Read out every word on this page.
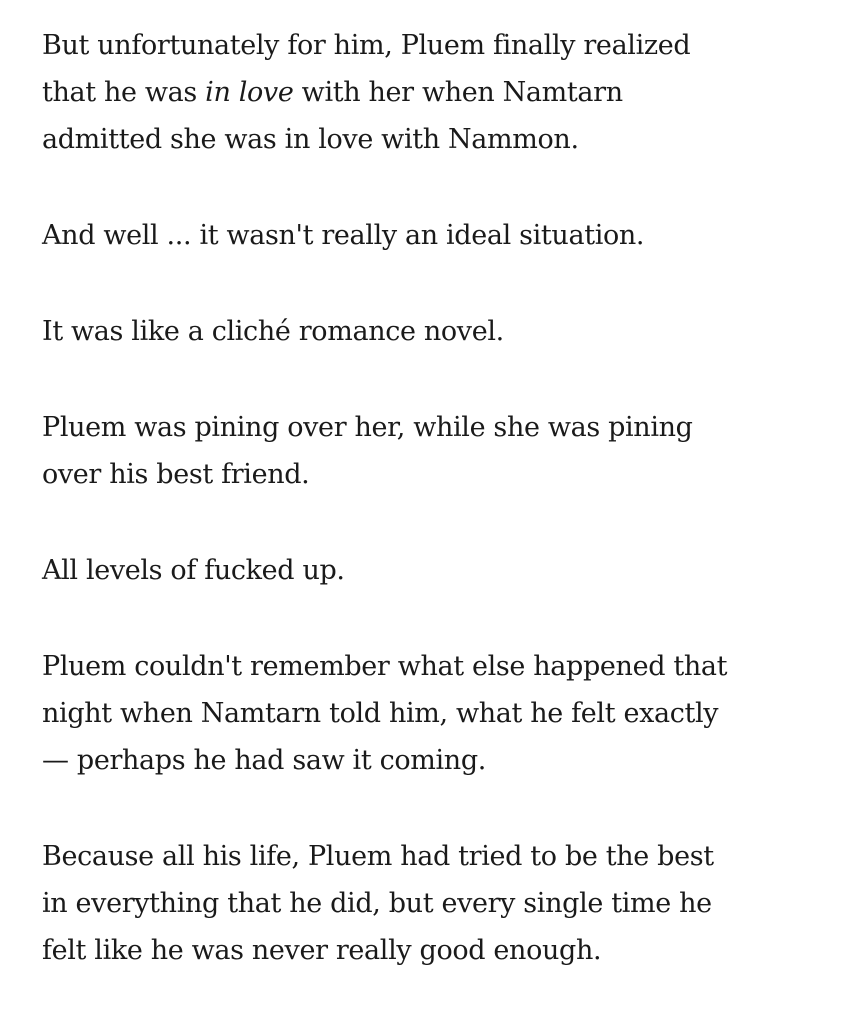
But unfortunately for him, Pluem finally realized
that he was in love with her when Namtarn
admitted she was in love with Nammon.

And well ... it wasn't really an ideal situation.

It was like a cliché romance novel.

Pluem was pining over her, while she was pining
over his best friend.

All levels of fucked up.

Pluem couldn't remember what else happened that
night when Namtarn told him, what he felt exactly
— perhaps he had saw it coming.

Because all his life, Pluem had tried to be the best
in everything that he did, but every single time he
felt like he was never really good enough.
